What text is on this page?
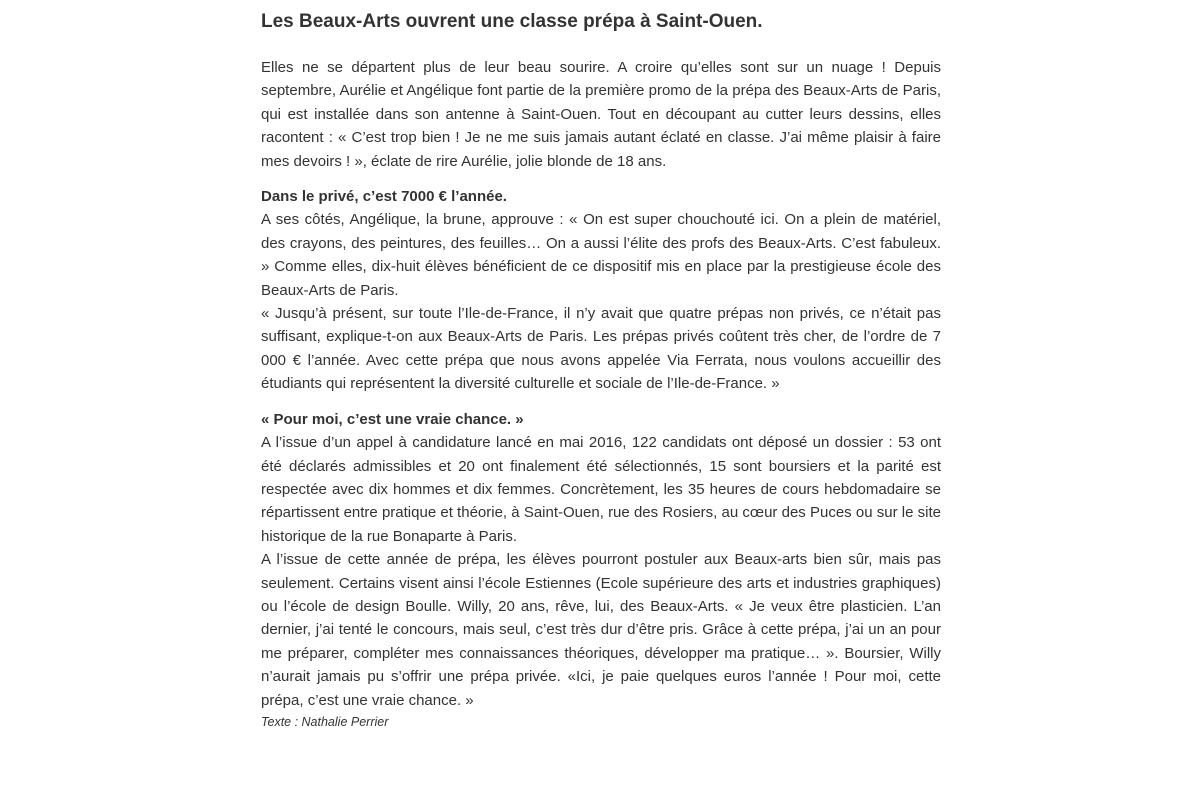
Les Beaux-Arts ouvrent une classe prépa à Saint-Ouen.

Elles ne se départent plus de leur beau sourire. A croire qu’elles sont sur un nuage ! Depuis septembre, Aurélie et Angélique font partie de la première promo de la prépa des Beaux-Arts de Paris, qui est installée dans son antenne à Saint-Ouen. Tout en découpant au cutter leurs dessins, elles racontent : « C’est trop bien ! Je ne me suis jamais autant éclaté en classe. J’ai même plaisir à faire mes devoirs ! », éclate de rire Aurélie, jolie blonde de 18 ans.

Dans le privé, c’est 7000 € l’année.

A ses côtés, Angélique, la brune, approuve : « On est super chouchouté ici. On a plein de matériel, des crayons, des peintures, des feuilles… On a aussi l’élite des profs des Beaux-Arts. C’est fabuleux. » Comme elles, dix-huit élèves bénéficient de ce dispositif mis en place par la prestigieuse école des Beaux-Arts de Paris.

« Jusqu’à présent, sur toute l’Ile-de-France, il n’y avait que quatre prépas non privés, ce n’était pas suffisant, explique-t-on aux Beaux-Arts de Paris. Les prépas privés coûtent très cher, de l’ordre de 7 000 € l’année. Avec cette prépa que nous avons appelée Via Ferrata, nous voulons accueillir des étudiants qui représentent la diversité culturelle et sociale de l’Ile-de-France. »

« Pour moi, c’est une vraie chance. »

A l’issue d’un appel à candidature lancé en mai 2016, 122 candidats ont déposé un dossier : 53 ont été déclarés admissibles et 20 ont finalement été sélectionnés, 15 sont boursiers et la parité est respectée avec dix hommes et dix femmes. Concrètement, les 35 heures de cours hebdomadaire se répartissent entre pratique et théorie, à Saint-Ouen, rue des Rosiers, au cœur des Puces ou sur le site historique de la rue Bonaparte à Paris.

A l’issue de cette année de prépa, les élèves pourront postuler aux Beaux-arts bien sûr, mais pas seulement. Certains visent ainsi l’école Estiennes (Ecole supérieure des arts et industries graphiques) ou l’école de design Boulle. Willy, 20 ans, rêve, lui, des Beaux-Arts. « Je veux être plasticien. L’an dernier, j’ai tenté le concours, mais seul, c’est très dur d’être pris. Grâce à cette prépa, j’ai un an pour me préparer, compléter mes connaissances théoriques, développer ma pratique… ». Boursier, Willy n’aurait jamais pu s’offrir une prépa privée. «Ici, je paie quelques euros l’année ! Pour moi, cette prépa, c’est une vraie chance. »

Texte : Nathalie Perrier
